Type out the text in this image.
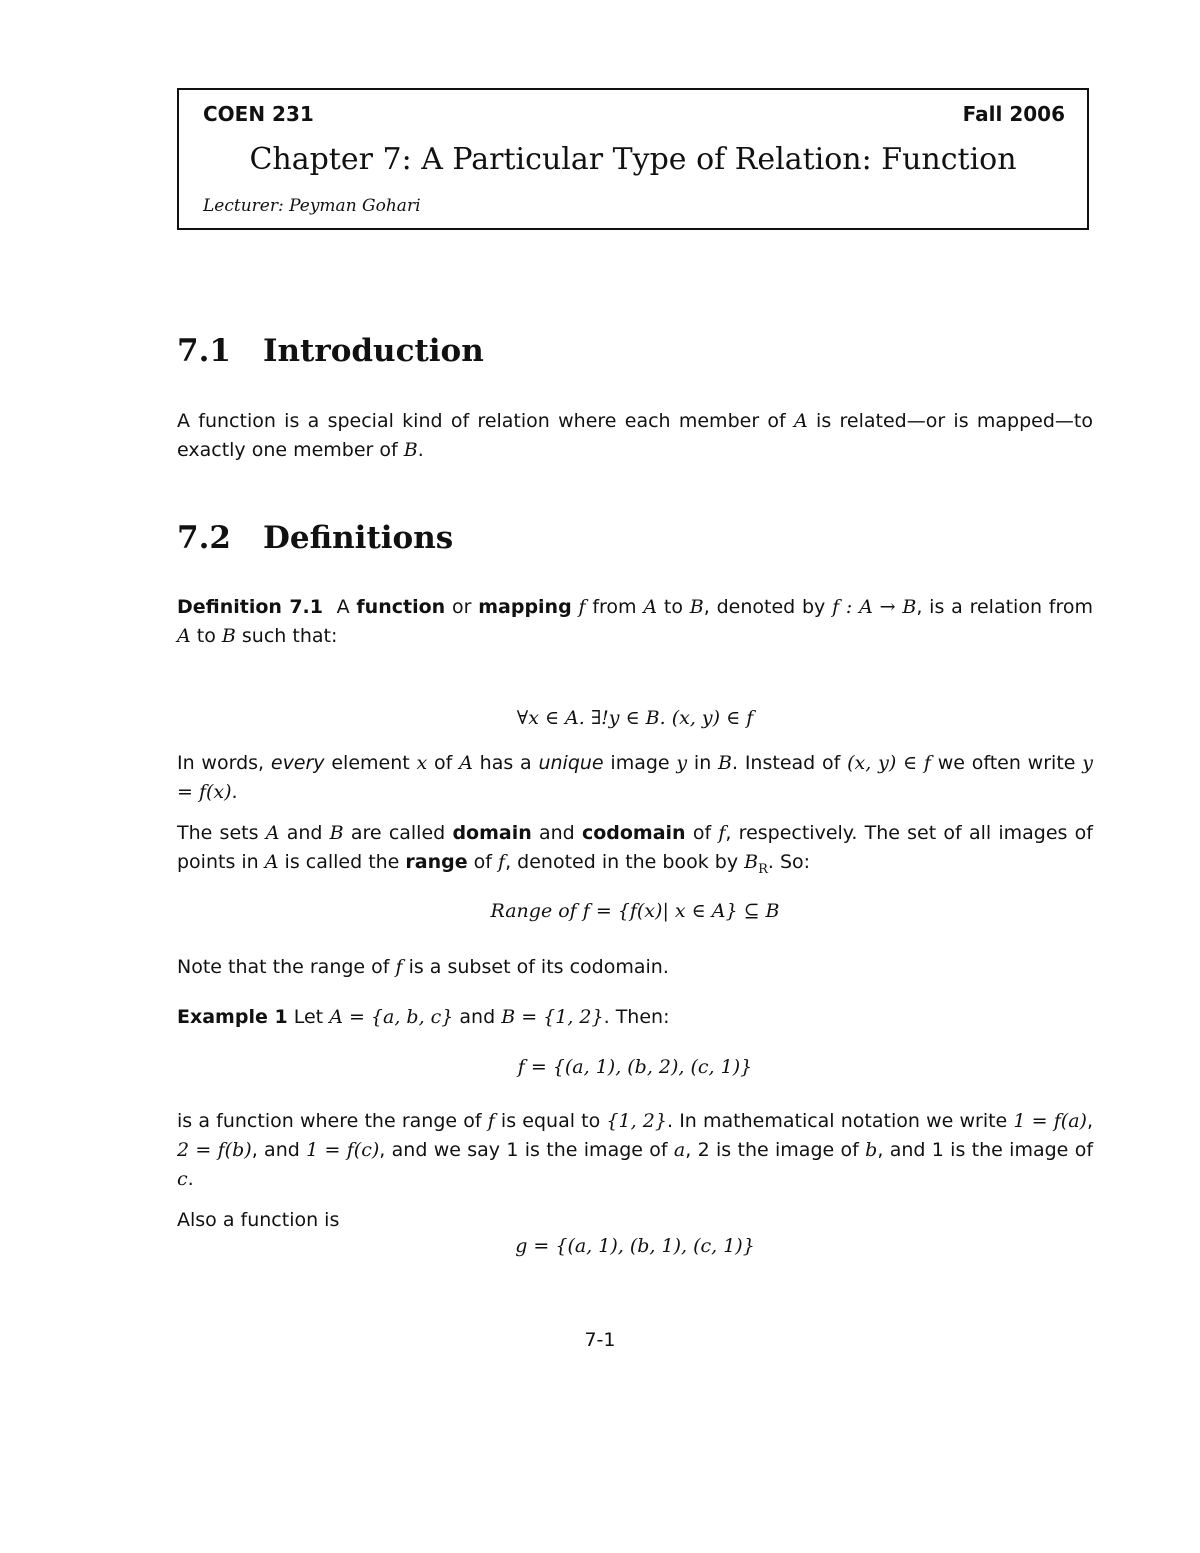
COEN 231	Fall 2006
Chapter 7: A Particular Type of Relation: Function
Lecturer: Peyman Gohari
7.1 Introduction
A function is a special kind of relation where each member of A is related—or is mapped—to exactly one member of B.
7.2 Definitions
Definition 7.1 A function or mapping f from A to B, denoted by f : A → B, is a relation from A to B such that:
∀x ∈ A. ∃!y ∈ B. (x, y) ∈ f
In words, every element x of A has a unique image y in B. Instead of (x, y) ∈ f we often write y = f(x).
The sets A and B are called domain and codomain of f, respectively. The set of all images of points in A is called the range of f, denoted in the book by $B_R$. So:
Range of f = {f(x)| x ∈ A} ⊆ B
Note that the range of f is a subset of its codomain.
Example 1 Let A = {a, b, c} and B = {1, 2}. Then:
f = {(a, 1), (b, 2), (c, 1)}
is a function where the range of f is equal to {1, 2}. In mathematical notation we write 1 = f(a), 2 = f(b), and 1 = f(c), and we say 1 is the image of a, 2 is the image of b, and 1 is the image of c.
Also a function is
g = {(a, 1), (b, 1), (c, 1)}
7-1
